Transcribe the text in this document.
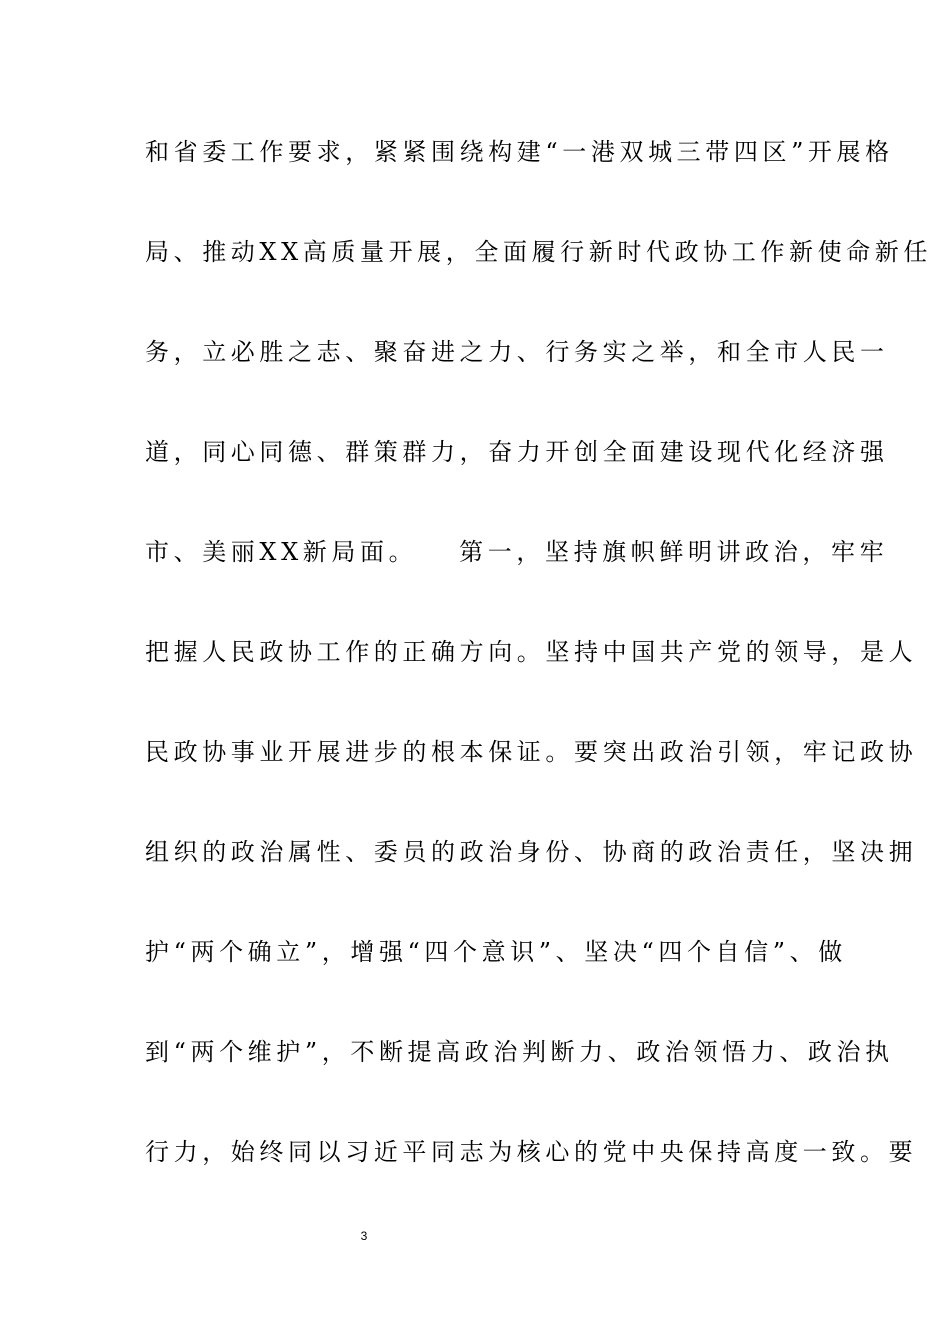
和省委工作要求，紧紧围绕构建“一港双城三带四区”开展格
局、推动XX高质量开展，全面履行新时代政协工作新使命新任
务，立必胜之志、聚奋进之力、行务实之举，和全市人民一
道，同心同德、群策群力，奋力开创全面建设现代化经济强
市、美丽XX新局面。 第一，坚持旗帜鲜明讲政治，牢牢
把握人民政协工作的正确方向。坚持中国共产党的领导，是人
民政协事业开展进步的根本保证。要突出政治引领，牢记政协
组织的政治属性、委员的政治身份、协商的政治责任，坚决拥
护“两个确立”，增强“四个意识”、坚决“四个自信”、做
到“两个维护”，不断提高政治判断力、政治领悟力、政治执
行力，始终同以习近平同志为核心的党中央保持高度一致。要
3
